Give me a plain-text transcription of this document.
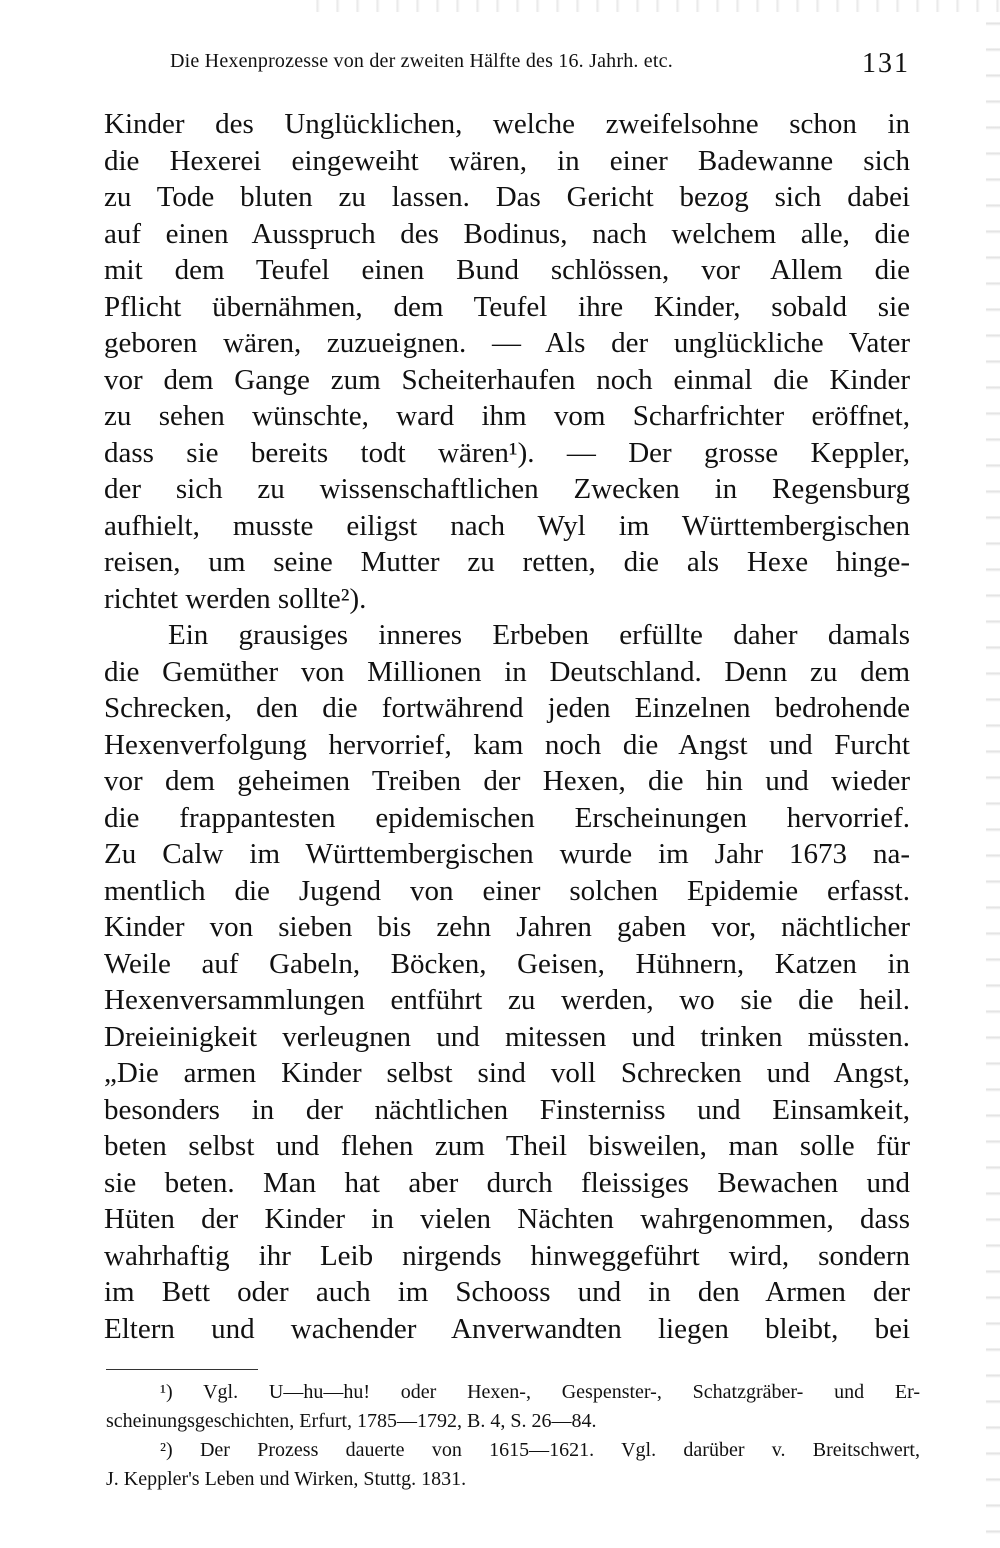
Die Hexenprozesse von der zweiten Hälfte des 16. Jahrh. etc.	131
Kinder des Unglücklichen, welche zweifelsohne schon in
die Hexerei eingeweiht wären, in einer Badewanne sich
zu Tode bluten zu lassen. Das Gericht bezog sich dabei
auf einen Ausspruch des Bodinus, nach welchem alle, die
mit dem Teufel einen Bund schlössen, vor Allem die
Pflicht übernähmen, dem Teufel ihre Kinder, sobald sie
geboren wären, zuzueignen. — Als der unglückliche Vater
vor dem Gange zum Scheiterhaufen noch einmal die Kinder
zu sehen wünschte, ward ihm vom Scharfrichter eröffnet,
dass sie bereits todt wären¹). — Der grosse Keppler,
der sich zu wissenschaftlichen Zwecken in Regensburg
aufhielt, musste eiligst nach Wyl im Württembergischen
reisen, um seine Mutter zu retten, die als Hexe hinge-
richtet werden sollte²).
Ein grausiges inneres Erbeben erfüllte daher damals
die Gemüther von Millionen in Deutschland. Denn zu dem
Schrecken, den die fortwährend jeden Einzelnen bedrohende
Hexenverfolgung hervorrief, kam noch die Angst und Furcht
vor dem geheimen Treiben der Hexen, die hin und wieder
die frappantesten epidemischen Erscheinungen hervorrief.
Zu Calw im Württembergischen wurde im Jahr 1673 na-
mentlich die Jugend von einer solchen Epidemie erfasst.
Kinder von sieben bis zehn Jahren gaben vor, nächtlicher
Weile auf Gabeln, Böcken, Geisen, Hühnern, Katzen in
Hexenversammlungen entführt zu werden, wo sie die heil.
Dreieinigkeit verleugnen und mitessen und trinken müssten.
„Die armen Kinder selbst sind voll Schrecken und Angst,
besonders in der nächtlichen Finsterniss und Einsamkeit,
beten selbst und flehen zum Theil bisweilen, man solle für
sie beten. Man hat aber durch fleissiges Bewachen und
Hüten der Kinder in vielen Nächten wahrgenommen, dass
wahrhaftig ihr Leib nirgends hinweggeführt wird, sondern
im Bett oder auch im Schooss und in den Armen der
Eltern und wachender Anverwandten liegen bleibt, bei
¹) Vgl. U—hu—hu! oder Hexen-, Gespenster-, Schatzgräber- und Er-
scheinungsgeschichten, Erfurt, 1785—1792, B. 4, S. 26—84.
²) Der Prozess dauerte von 1615—1621. Vgl. darüber v. Breitschwert,
J. Keppler's Leben und Wirken, Stuttg. 1831.
